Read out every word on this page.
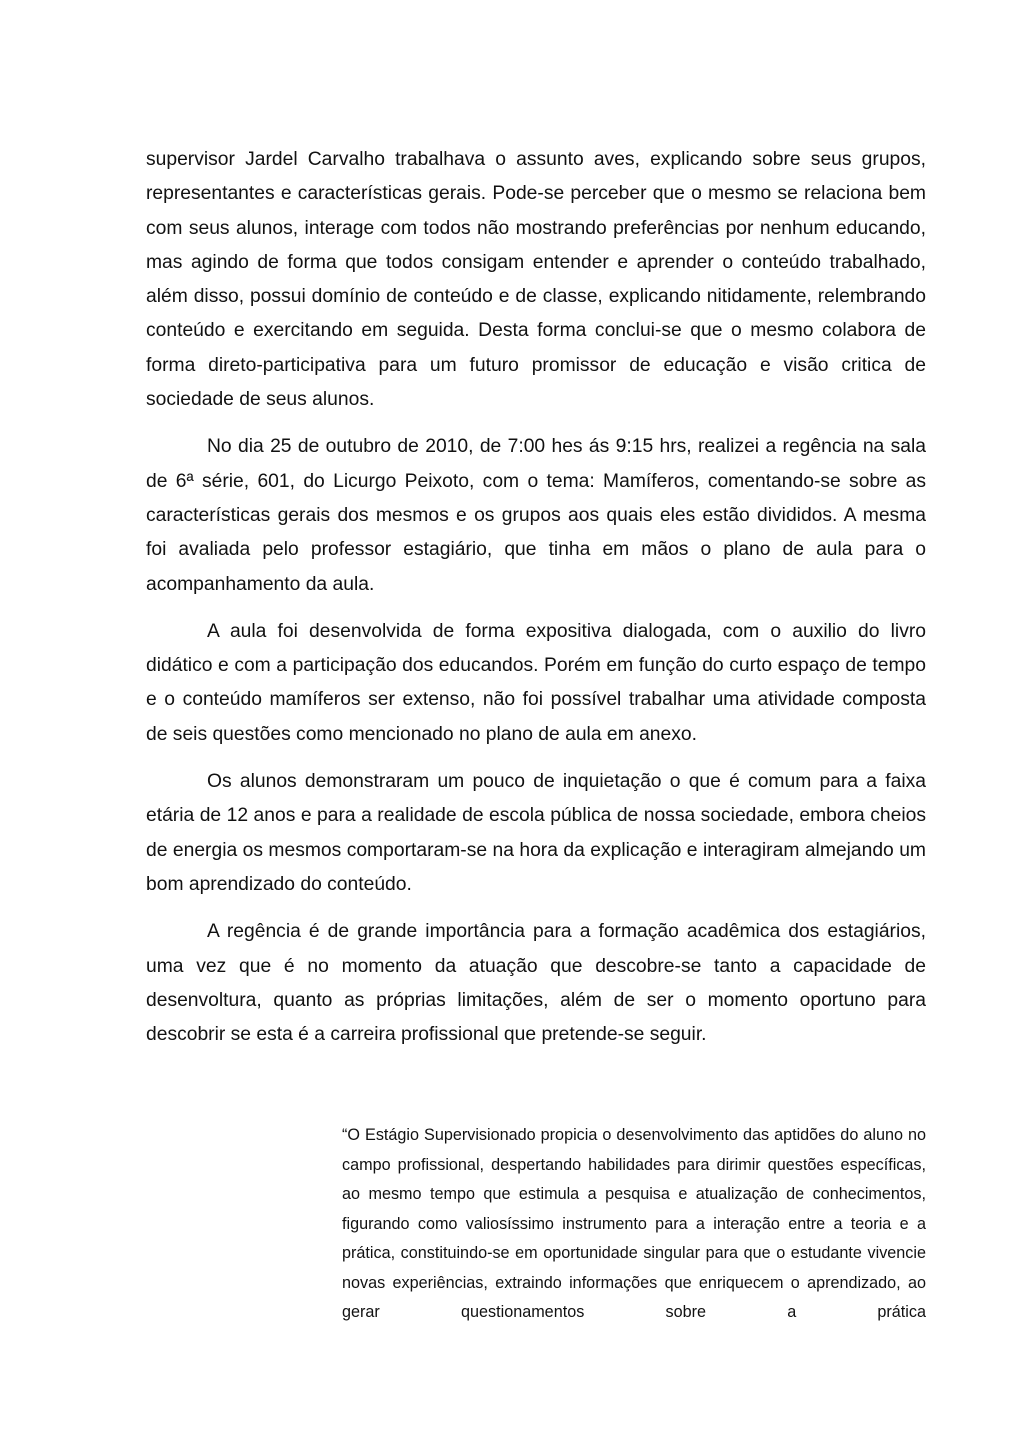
supervisor Jardel Carvalho trabalhava o assunto aves, explicando sobre seus grupos, representantes e características gerais. Pode-se perceber que o mesmo se relaciona bem com seus alunos, interage com todos não mostrando preferências por nenhum educando, mas agindo de forma que todos consigam entender e aprender o conteúdo trabalhado, além disso, possui domínio de conteúdo e de classe, explicando nitidamente, relembrando conteúdo e exercitando em seguida. Desta forma conclui-se que o mesmo colabora de forma direto-participativa para um futuro promissor de educação e visão critica de sociedade de seus alunos.

No dia 25 de outubro de 2010, de 7:00 hes ás 9:15 hrs, realizei a regência na sala de 6ª série, 601, do Licurgo Peixoto, com o tema: Mamíferos, comentando-se sobre as características gerais dos mesmos e os grupos aos quais eles estão divididos. A mesma foi avaliada pelo professor estagiário, que tinha em mãos o plano de aula para o acompanhamento da aula.

A aula foi desenvolvida de forma expositiva dialogada, com o auxilio do livro didático e com a participação dos educandos. Porém em função do curto espaço de tempo e o conteúdo mamíferos ser extenso, não foi possível trabalhar uma atividade composta de seis questões como mencionado no plano de aula em anexo.

Os alunos demonstraram um pouco de inquietação o que é comum para a faixa etária de 12 anos e para a realidade de escola pública de nossa sociedade, embora cheios de energia os mesmos comportaram-se na hora da explicação e interagiram almejando um bom aprendizado do conteúdo.

A regência é de grande importância para a formação acadêmica dos estagiários, uma vez que é no momento da atuação que descobre-se tanto a capacidade de desenvoltura, quanto as próprias limitações, além de ser o momento oportuno para descobrir se esta é a carreira profissional que pretende-se seguir.

“O Estágio Supervisionado propicia o desenvolvimento das aptidões do aluno no campo profissional, despertando habilidades para dirimir questões específicas, ao mesmo tempo que estimula a pesquisa e atualização de conhecimentos, figurando como valiosíssimo instrumento para a interação entre a teoria e a prática, constituindo-se em oportunidade singular para que o estudante vivencie novas experiências, extraindo informações que enriquecem o aprendizado, ao gerar questionamentos sobre a prática
